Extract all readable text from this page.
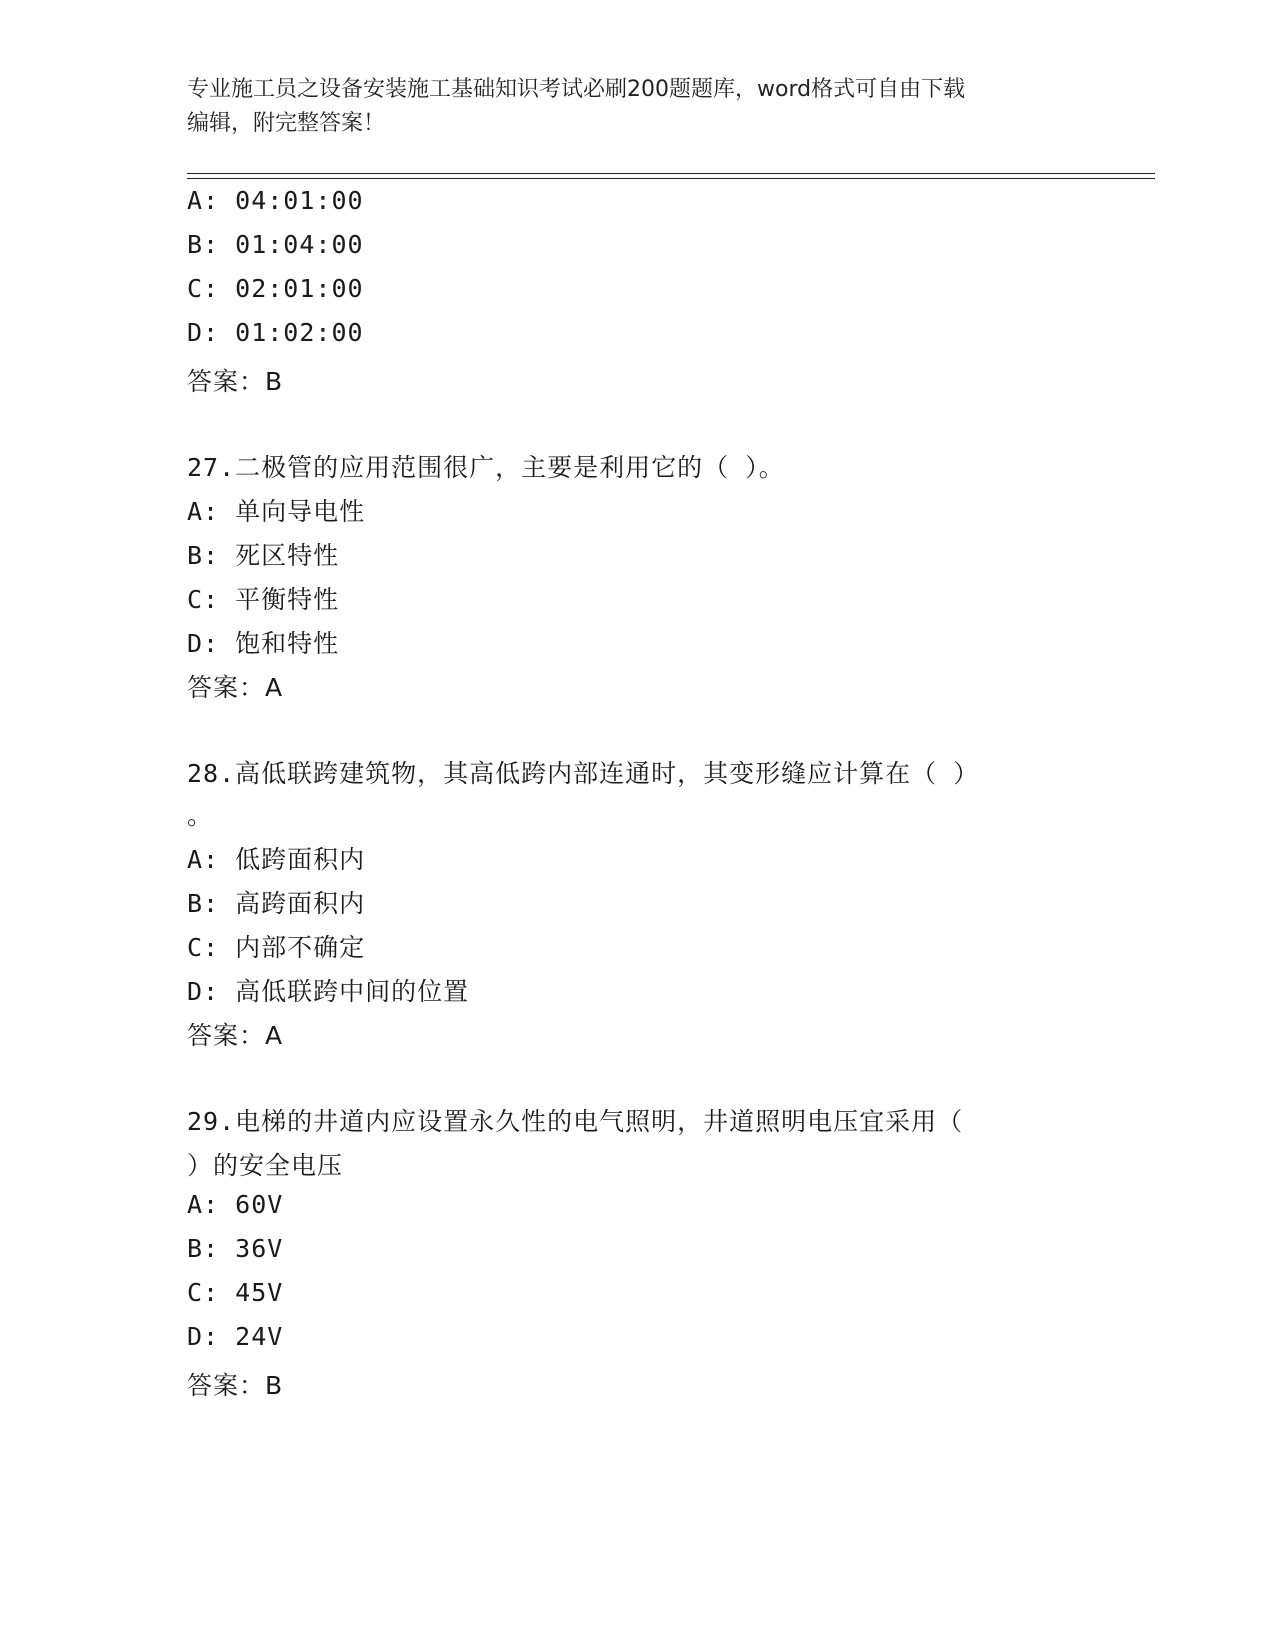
专业施工员之设备安装施工基础知识考试必刷200题题库，word格式可自由下载
编辑，附完整答案！
A: 04:01:00
B: 01:04:00
C: 02:01:00
D: 01:02:00
答案：B
27.二极管的应用范围很广，主要是利用它的（ ）。
A: 单向导电性
B: 死区特性
C: 平衡特性
D: 饱和特性
答案：A
28.高低联跨建筑物，其高低跨内部连通时，其变形缝应计算在（ ）
。
A: 低跨面积内
B: 高跨面积内
C: 内部不确定
D: 高低联跨中间的位置
答案：A
29.电梯的井道内应设置永久性的电气照明，井道照明电压宜采用（
）的安全电压
A: 60V
B: 36V
C: 45V
D: 24V
答案：B
